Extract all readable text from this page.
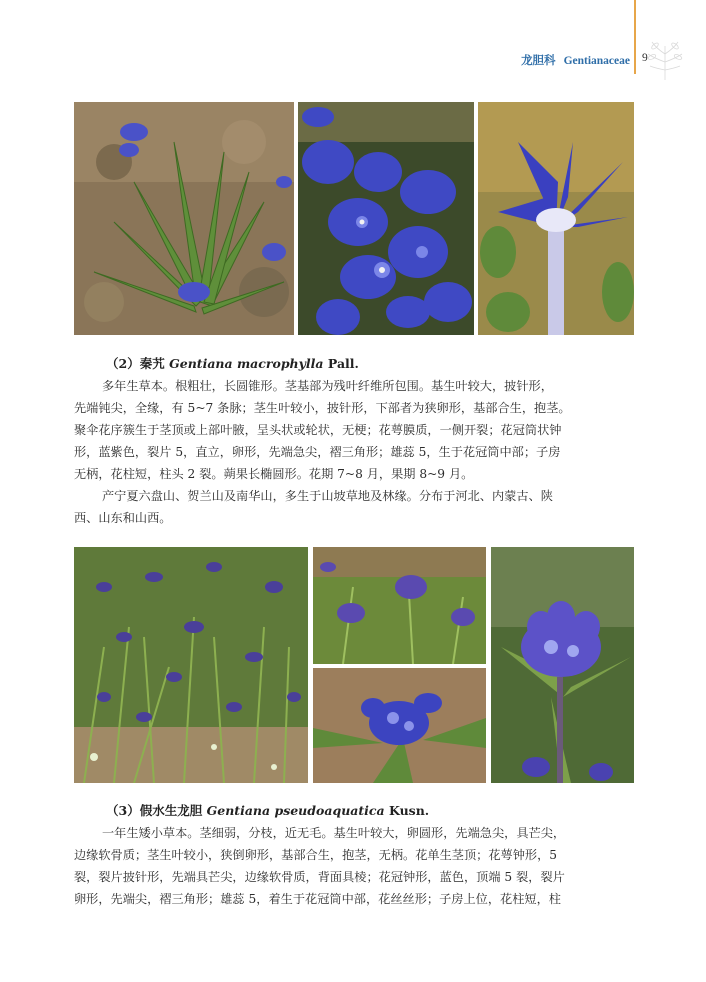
龙胆科 Gentianaceae 9
（2）秦艽 Gentiana macrophylla Pall.
多年生草本。根粗壮，长圆锥形。茎基部为残叶纤维所包围。基生叶较大，披针形，
先端钝尖，全缘，有 5~7 条脉；茎生叶较小，披针形，下部者为狭卵形，基部合生，抱茎。
聚伞花序簇生于茎顶或上部叶腋，呈头状或轮状，无梗；花萼膜质，一侧开裂；花冠筒状钟
形，蓝紫色，裂片 5，直立，卵形，先端急尖，褶三角形；雄蕊 5，生于花冠筒中部；子房
无柄，花柱短，柱头 2 裂。蒴果长椭圆形。花期 7~8 月，果期 8~9 月。
产宁夏六盘山、贺兰山及南华山，多生于山坡草地及林缘。分布于河北、内蒙古、陕
西、山东和山西。
（3）假水生龙胆 Gentiana pseudoaquatica Kusn.
一年生矮小草本。茎细弱，分枝，近无毛。基生叶较大，卵圆形，先端急尖，具芒尖，
边缘软骨质；茎生叶较小，狭倒卵形，基部合生，抱茎，无柄。花单生茎顶；花萼钟形，5
裂，裂片披针形，先端具芒尖，边缘软骨质，背面具棱；花冠钟形，蓝色，顶端 5 裂，裂片
卵形，先端尖，褶三角形；雄蕊 5，着生于花冠筒中部，花丝丝形；子房上位，花柱短，柱
